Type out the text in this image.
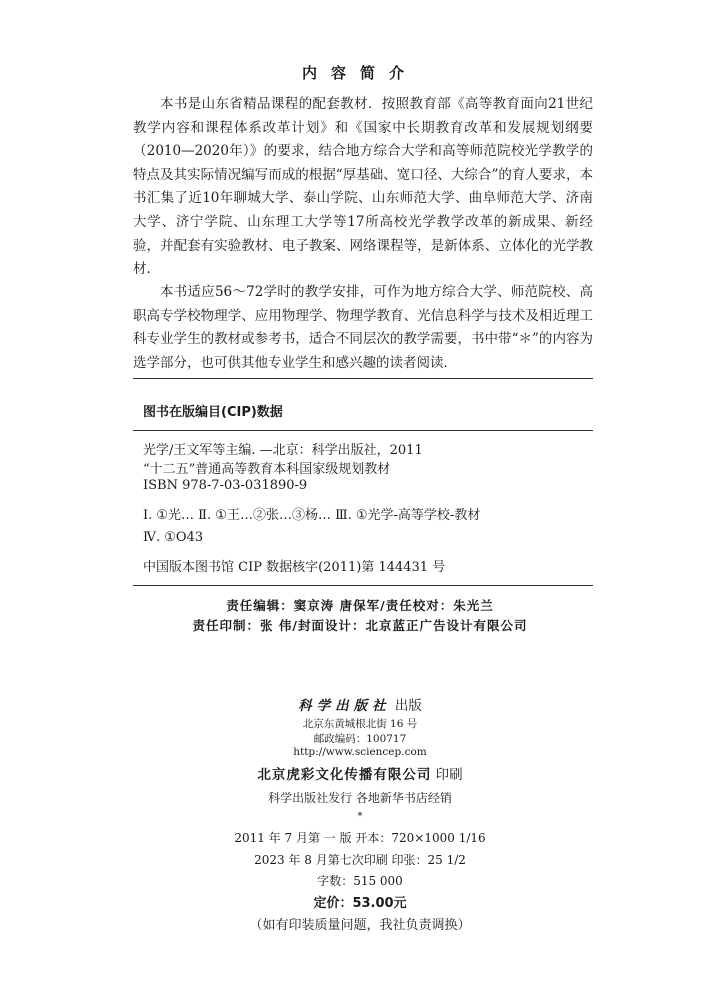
内容简介

本书是山东省精品课程的配套教材．按照教育部《高等教育面向21世纪教学内容和课程体系改革计划》和《国家中长期教育改革和发展规划纲要（2010—2020年）》的要求，结合地方综合大学和高等师范院校光学教学的特点及其实际情况编写而成的根据“厚基础、宽口径、大综合”的育人要求，本书汇集了近10年聊城大学、泰山学院、山东师范大学、曲阜师范大学、济南大学、济宁学院、山东理工大学等17所高校光学教学改革的新成果、新经验，并配套有实验教材、电子教案、网络课程等，是新体系、立体化的光学教材．

本书适应56～72学时的教学安排，可作为地方综合大学、师范院校、高职高专学校物理学、应用物理学、物理学教育、光信息科学与技术及相近理工科专业学生的教材或参考书，适合不同层次的教学需要，书中带“＊”的内容为选学部分，也可供其他专业学生和感兴趣的读者阅读．

图书在版编目(CIP)数据
光学/王文军等主编. —北京：科学出版社，2011
“十二五”普通高等教育本科国家级规划教材
ISBN 978-7-03-031890-9
Ⅰ. ①光… Ⅱ. ①王…②张…③杨… Ⅲ. ①光学-高等学校-教材
Ⅳ. ①O43
中国版本图书馆 CIP 数据核字(2011)第 144431 号
责任编辑：窦京涛 唐保军/责任校对：朱光兰
责任印制：张 伟/封面设计：北京蓝正广告设计有限公司
科学出版社 出版
北京东黄城根北街 16 号
邮政编码：100717
http://www.sciencep.com
北京虎彩文化传播有限公司 印刷
科学出版社发行 各地新华书店经销
*
2011 年 7 月第 一 版 开本：720×1000 1/16
2023 年 8 月第七次印刷 印张：25 1/2
字数：515 000
定价：53.00元
（如有印装质量问题，我社负责调换）
